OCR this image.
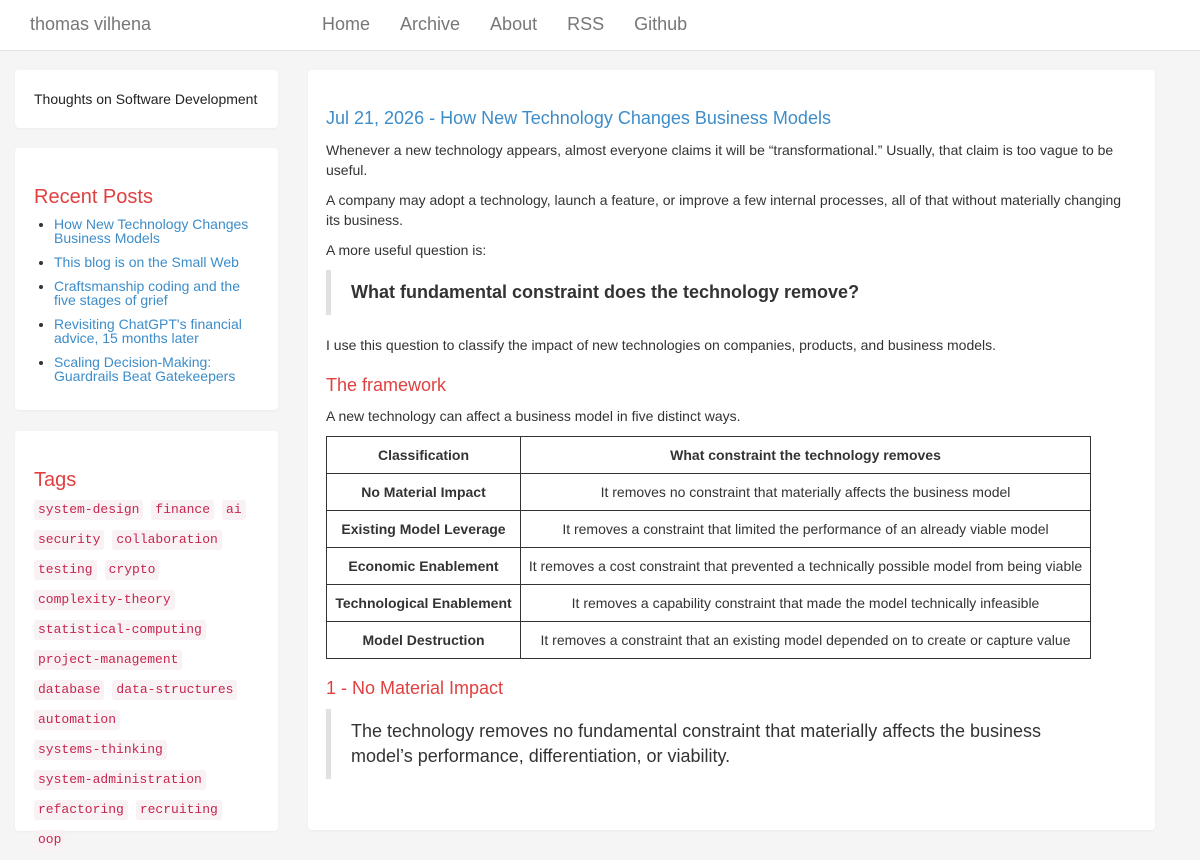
thomas vilhena	Home	Archive	About	RSS	Github
Thoughts on Software Development
Recent Posts
• How New Technology Changes Business Models
• This blog is on the Small Web
• Craftsmanship coding and the five stages of grief
• Revisiting ChatGPT's financial advice, 15 months later
• Scaling Decision-Making: Guardrails Beat Gatekeepers
Tags
system-design	finance	ai
security	collaboration
testing	crypto
complexity-theory
statistical-computing
project-management
database	data-structures
automation
systems-thinking
system-administration
refactoring	recruiting
oop
Jul 21, 2026 - How New Technology Changes Business Models

Whenever a new technology appears, almost everyone claims it will be “transformational.” Usually, that claim is too vague to be useful.

A company may adopt a technology, launch a feature, or improve a few internal processes, all of that without materially changing its business.

A more useful question is:

What fundamental constraint does the technology remove?

I use this question to classify the impact of new technologies on companies, products, and business models.

The framework

A new technology can affect a business model in five distinct ways.

Classification	What constraint the technology removes
No Material Impact	It removes no constraint that materially affects the business model
Existing Model Leverage	It removes a constraint that limited the performance of an already viable model
Economic Enablement	It removes a cost constraint that prevented a technically possible model from being viable
Technological Enablement	It removes a capability constraint that made the model technically infeasible
Model Destruction	It removes a constraint that an existing model depended on to create or capture value
1 - No Material Impact
The technology removes no fundamental constraint that materially affects the business model’s performance, differentiation, or viability.
